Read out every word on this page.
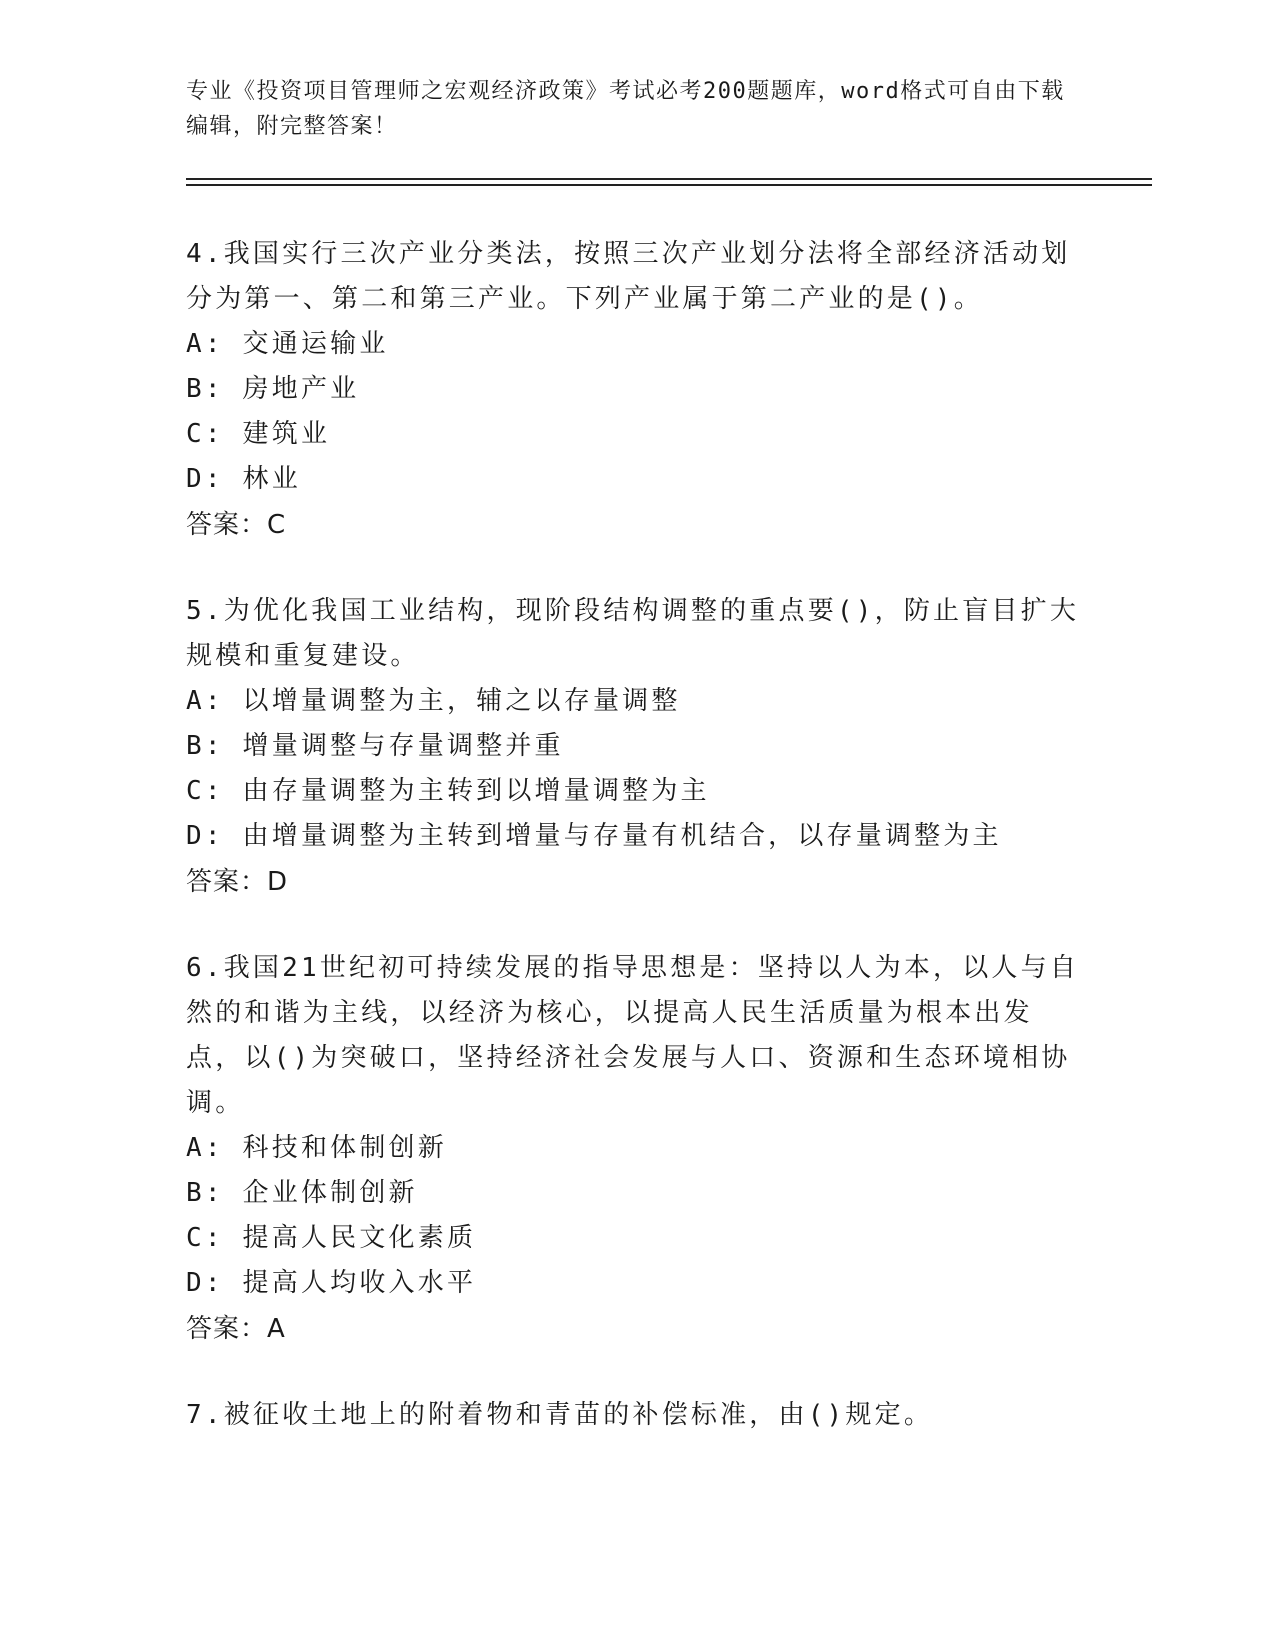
专业《投资项目管理师之宏观经济政策》考试必考200题题库，word格式可自由下载编辑，附完整答案！

4.我国实行三次产业分类法，按照三次产业划分法将全部经济活动划分为第一、第二和第三产业。下列产业属于第二产业的是()。

A: 交通运输业

B: 房地产业

C: 建筑业

D: 林业

答案：C

5.为优化我国工业结构，现阶段结构调整的重点要()，防止盲目扩大规模和重复建设。

A: 以增量调整为主，辅之以存量调整

B: 增量调整与存量调整并重

C: 由存量调整为主转到以增量调整为主

D: 由增量调整为主转到增量与存量有机结合，以存量调整为主

答案：D

6.我国21世纪初可持续发展的指导思想是：坚持以人为本，以人与自然的和谐为主线，以经济为核心，以提高人民生活质量为根本出发点，以()为突破口，坚持经济社会发展与人口、资源和生态环境相协调。

A: 科技和体制创新

B: 企业体制创新

C: 提高人民文化素质

D: 提高人均收入水平

答案：A

7.被征收土地上的附着物和青苗的补偿标准，由()规定。
